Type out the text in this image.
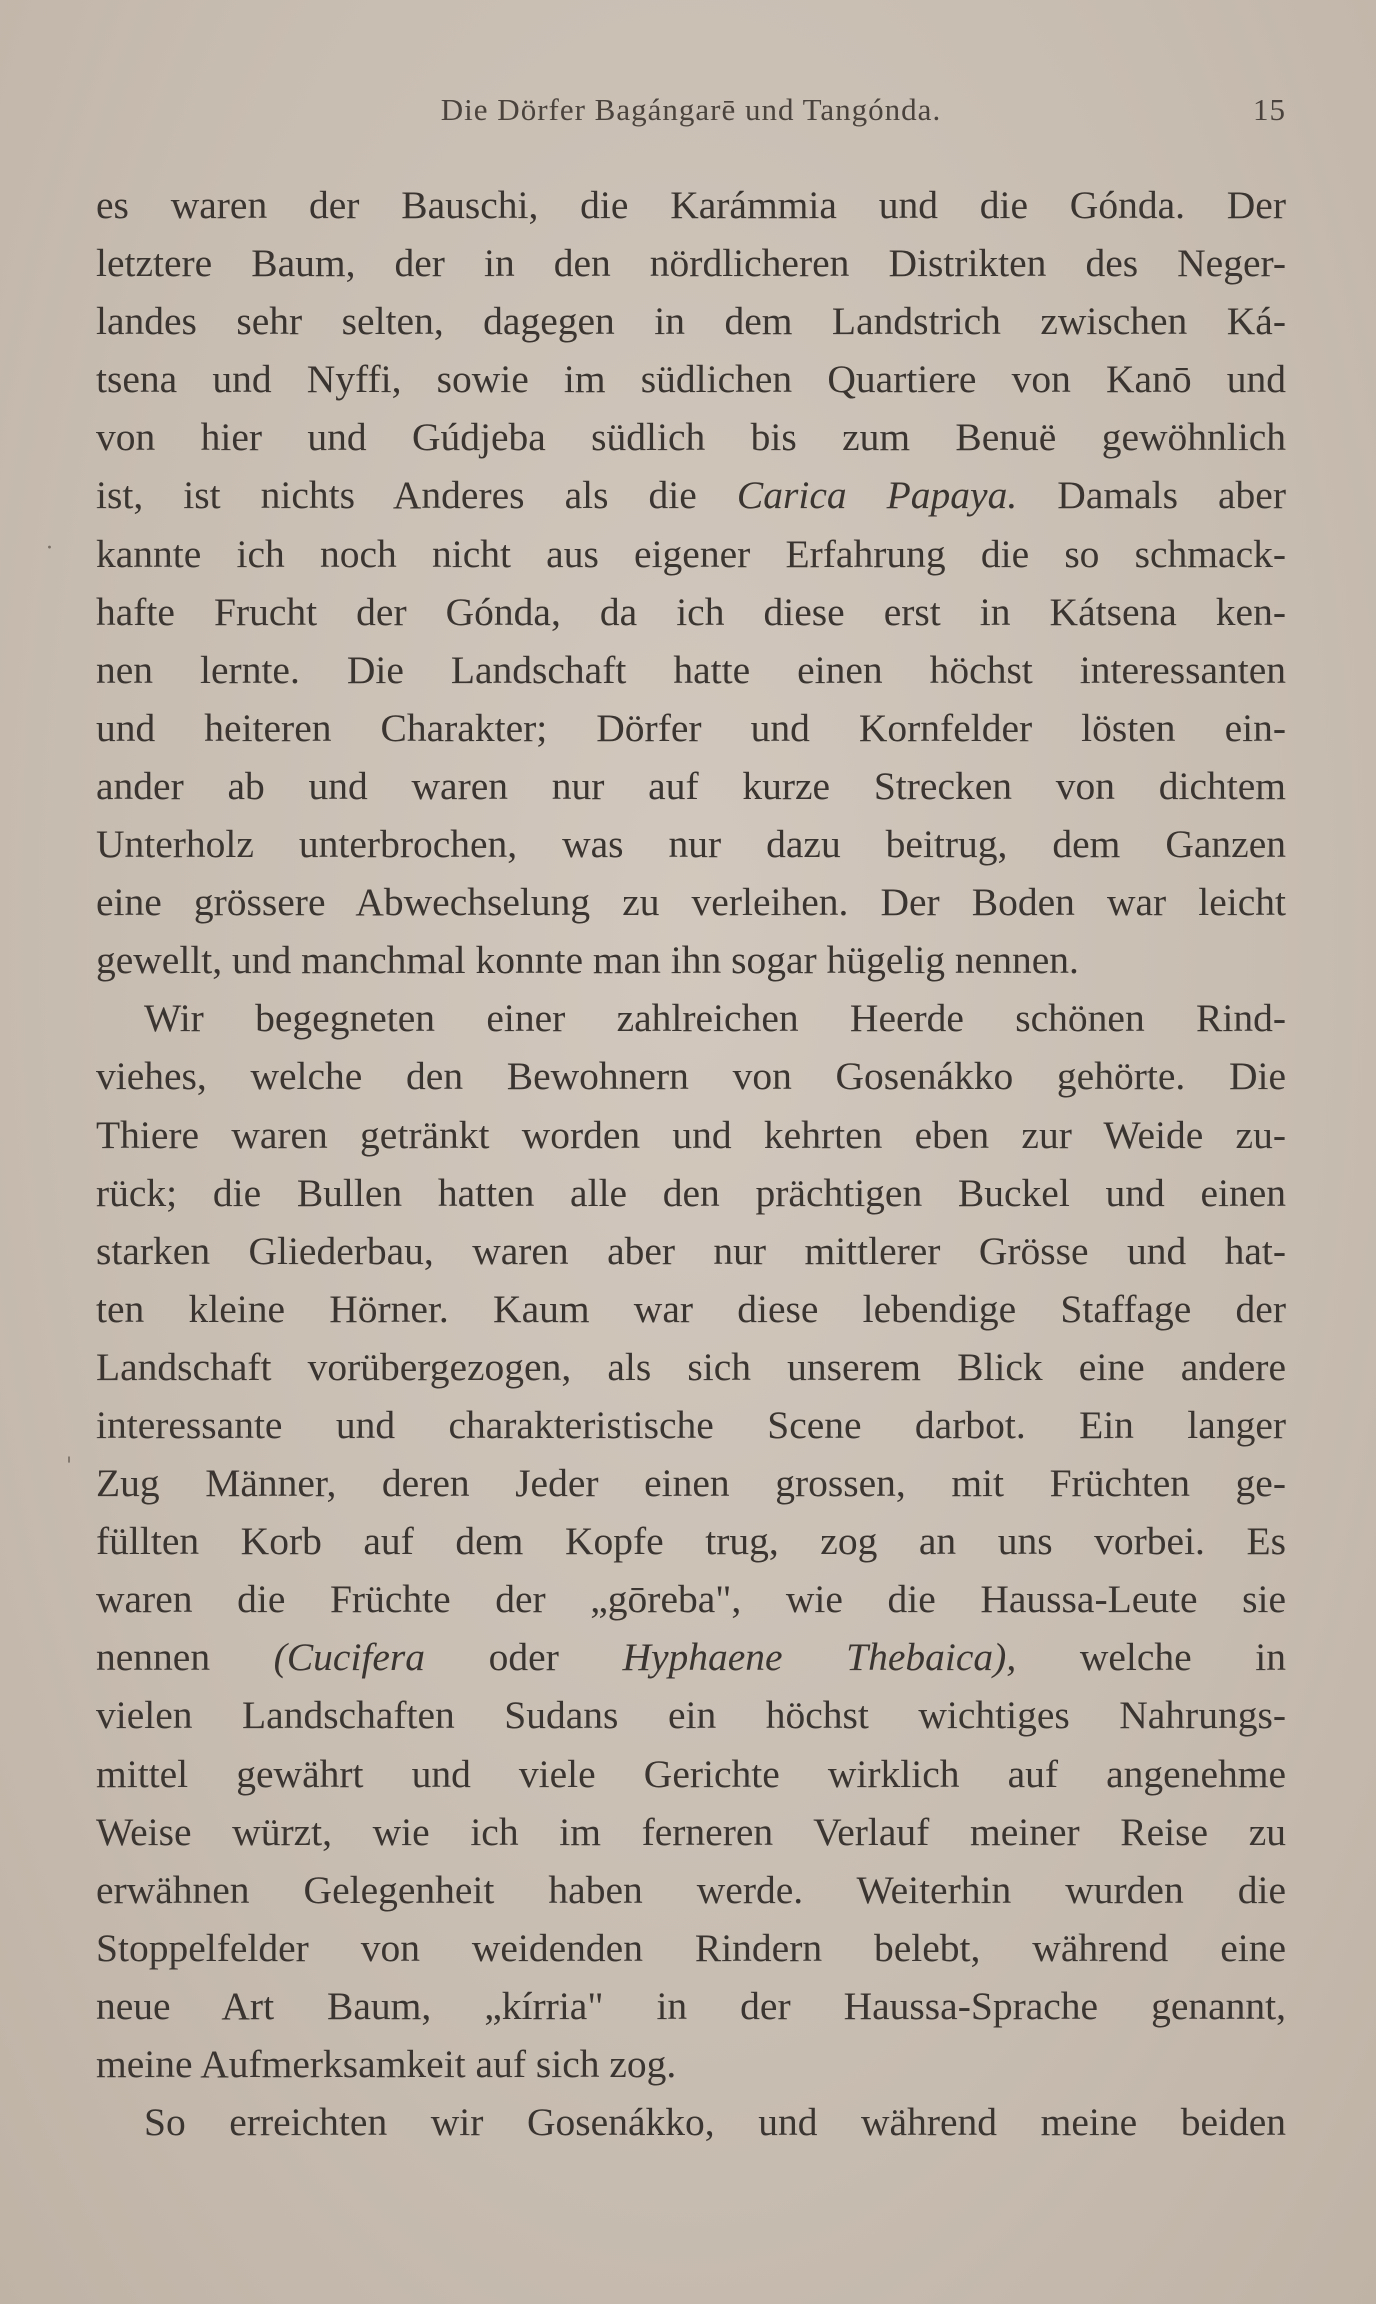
Die Dörfer Bagángarē und Tangónda.	15
·
'
es waren der Bauschi, die Karámmia und die Gónda. Der
letztere Baum, der in den nördlicheren Distrikten des Neger-
landes sehr selten, dagegen in dem Landstrich zwischen Ká-
tsena und Nyffi, sowie im südlichen Quartiere von Kanō und
von hier und Gúdjeba südlich bis zum Benuë gewöhnlich
ist, ist nichts Anderes als die Carica Papaya. Damals aber
kannte ich noch nicht aus eigener Erfahrung die so schmack-
hafte Frucht der Gónda, da ich diese erst in Kátsena ken-
nen lernte. Die Landschaft hatte einen höchst interessanten
und heiteren Charakter; Dörfer und Kornfelder lösten ein-
ander ab und waren nur auf kurze Strecken von dichtem
Unterholz unterbrochen, was nur dazu beitrug, dem Ganzen
eine grössere Abwechselung zu verleihen. Der Boden war leicht
gewellt, und manchmal konnte man ihn sogar hügelig nennen.
Wir begegneten einer zahlreichen Heerde schönen Rind-
viehes, welche den Bewohnern von Gosenákko gehörte. Die
Thiere waren getränkt worden und kehrten eben zur Weide zu-
rück; die Bullen hatten alle den prächtigen Buckel und einen
starken Gliederbau, waren aber nur mittlerer Grösse und hat-
ten kleine Hörner. Kaum war diese lebendige Staffage der
Landschaft vorübergezogen, als sich unserem Blick eine andere
interessante und charakteristische Scene darbot. Ein langer
Zug Männer, deren Jeder einen grossen, mit Früchten ge-
füllten Korb auf dem Kopfe trug, zog an uns vorbei. Es
waren die Früchte der „gōreba", wie die Haussa-Leute sie
nennen (Cucifera oder Hyphaene Thebaica), welche in
vielen Landschaften Sudans ein höchst wichtiges Nahrungs-
mittel gewährt und viele Gerichte wirklich auf angenehme
Weise würzt, wie ich im ferneren Verlauf meiner Reise zu
erwähnen Gelegenheit haben werde. Weiterhin wurden die
Stoppelfelder von weidenden Rindern belebt, während eine
neue Art Baum, „kírria" in der Haussa-Sprache genannt,
meine Aufmerksamkeit auf sich zog.
So erreichten wir Gosenákko, und während meine beiden
